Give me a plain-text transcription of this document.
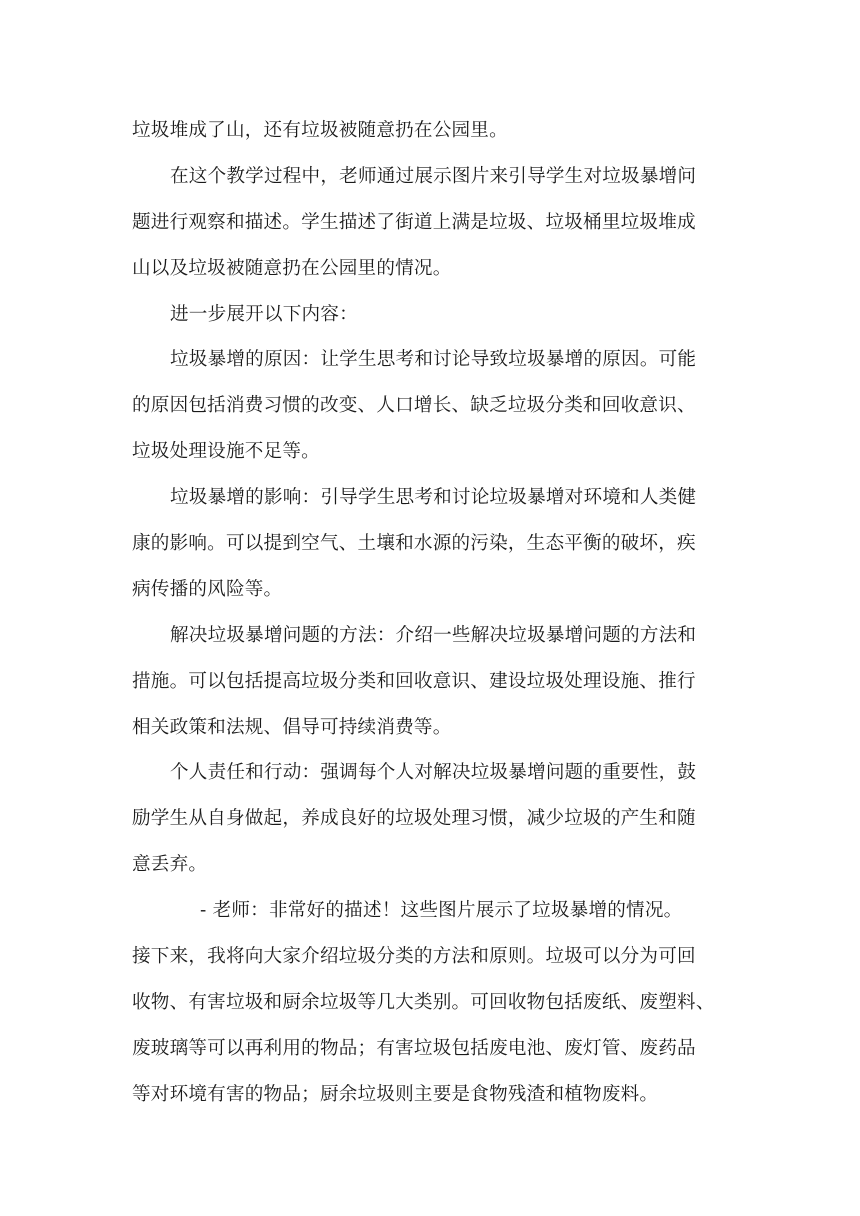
垃圾堆成了山，还有垃圾被随意扔在公园里。
在这个教学过程中，老师通过展示图片来引导学生对垃圾暴增问
题进行观察和描述。学生描述了街道上满是垃圾、垃圾桶里垃圾堆成
山以及垃圾被随意扔在公园里的情况。
进一步展开以下内容：
垃圾暴增的原因：让学生思考和讨论导致垃圾暴增的原因。可能
的原因包括消费习惯的改变、人口增长、缺乏垃圾分类和回收意识、
垃圾处理设施不足等。
垃圾暴增的影响：引导学生思考和讨论垃圾暴增对环境和人类健
康的影响。可以提到空气、土壤和水源的污染，生态平衡的破坏，疾
病传播的风险等。
解决垃圾暴增问题的方法：介绍一些解决垃圾暴增问题的方法和
措施。可以包括提高垃圾分类和回收意识、建设垃圾处理设施、推行
相关政策和法规、倡导可持续消费等。
个人责任和行动：强调每个人对解决垃圾暴增问题的重要性，鼓
励学生从自身做起，养成良好的垃圾处理习惯，减少垃圾的产生和随
意丢弃。
- 老师：非常好的描述！这些图片展示了垃圾暴增的情况。
接下来，我将向大家介绍垃圾分类的方法和原则。垃圾可以分为可回
收物、有害垃圾和厨余垃圾等几大类别。可回收物包括废纸、废塑料、
废玻璃等可以再利用的物品；有害垃圾包括废电池、废灯管、废药品
等对环境有害的物品；厨余垃圾则主要是食物残渣和植物废料。
